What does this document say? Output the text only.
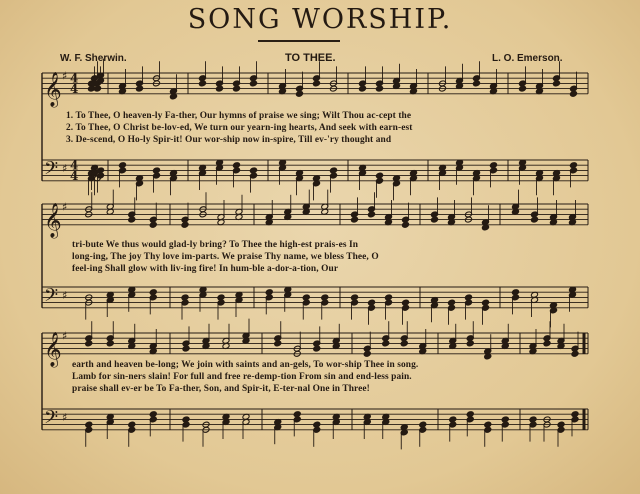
SONG WORSHIP.
W. F. Sherwin.	TO THEE.	L. O. Emerson.
𝄞 ♯ 4
4
𝄢 ♯ 4
4
𝄞 ♯
𝄢 ♯
𝄞 ♯
𝄢 ♯
1. To Thee, O heaven-ly Fa-ther, Our hymns of praise we sing; Wilt Thou ac-cept the
2. To Thee, O Christ be-lov-ed, We turn our yearn-ing hearts, And seek with earn-est
3. De-scend, O Ho-ly Spir-it! Our wor-ship now in-spire, Till ev-'ry thought and
tri-bute We thus would glad-ly bring? To Thee the high-est prais-es In
long-ing, The joy Thy love im-parts. We praise Thy name, we bless Thee, O
feel-ing Shall glow with liv-ing fire! In hum-ble a-dor-a-tion, Our
earth and heaven be-long; We join with saints and an-gels, To wor-ship Thee in song.
Lamb for sin-ners slain! For full and free re-demp-tion From sin and end-less pain.
praise shall ev-er be To Fa-ther, Son, and Spir-it, E-ter-nal One in Three!
